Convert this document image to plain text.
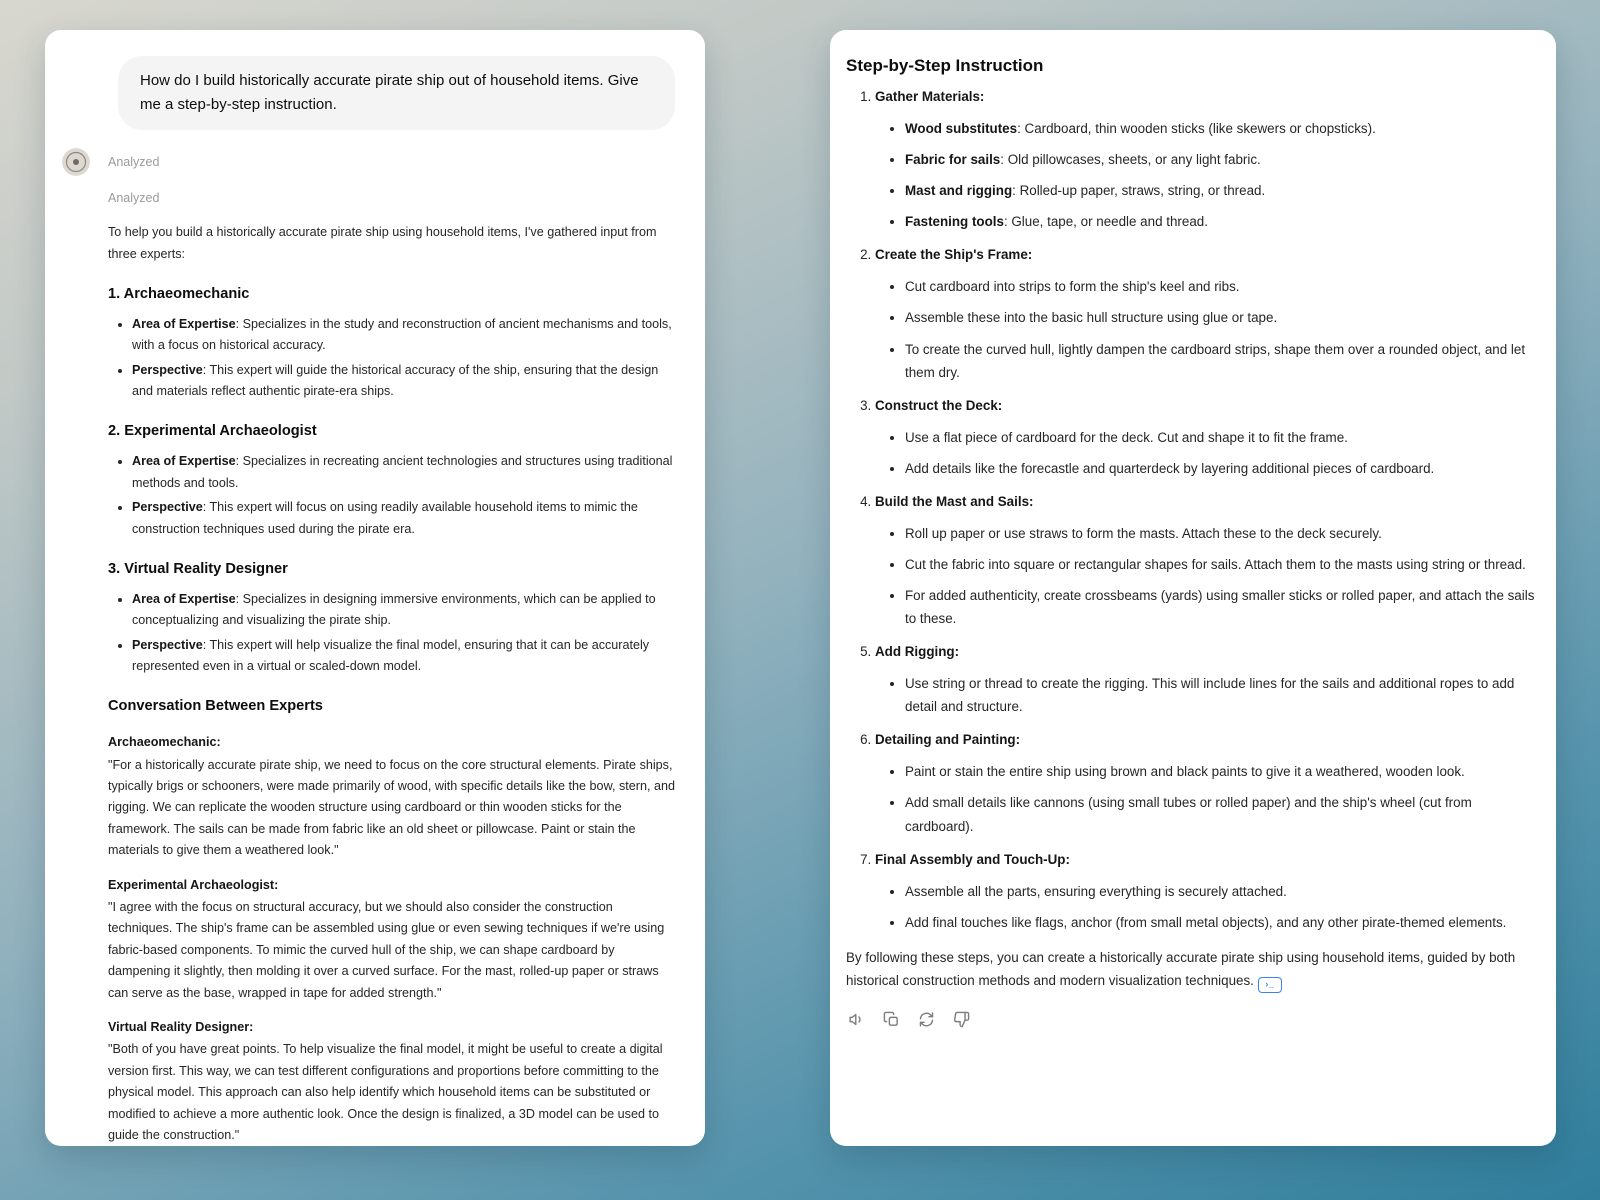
How do I build historically accurate pirate ship out of household items. Give me a step-by-step instruction.

Analyzed
Analyzed

To help you build a historically accurate pirate ship using household items, I've gathered input from three experts:

1. Archaeomechanic
• Area of Expertise: Specializes in the study and reconstruction of ancient mechanisms and tools, with a focus on historical accuracy.
• Perspective: This expert will guide the historical accuracy of the ship, ensuring that the design and materials reflect authentic pirate-era ships.
2. Experimental Archaeologist
• Area of Expertise: Specializes in recreating ancient technologies and structures using traditional methods and tools.
• Perspective: This expert will focus on using readily available household items to mimic the construction techniques used during the pirate era.
3. Virtual Reality Designer
• Area of Expertise: Specializes in designing immersive environments, which can be applied to conceptualizing and visualizing the pirate ship.
• Perspective: This expert will help visualize the final model, ensuring that it can be accurately represented even in a virtual or scaled-down model.
Conversation Between Experts

Archaeomechanic:

"For a historically accurate pirate ship, we need to focus on the core structural elements. Pirate ships, typically brigs or schooners, were made primarily of wood, with specific details like the bow, stern, and rigging. We can replicate the wooden structure using cardboard or thin wooden sticks for the framework. The sails can be made from fabric like an old sheet or pillowcase. Paint or stain the materials to give them a weathered look."

Experimental Archaeologist:

"I agree with the focus on structural accuracy, but we should also consider the construction techniques. The ship's frame can be assembled using glue or even sewing techniques if we're using fabric-based components. To mimic the curved hull of the ship, we can shape cardboard by dampening it slightly, then molding it over a curved surface. For the mast, rolled-up paper or straws can serve as the base, wrapped in tape for added strength."

Virtual Reality Designer:

"Both of you have great points. To help visualize the final model, it might be useful to create a digital version first. This way, we can test different configurations and proportions before committing to the physical model. This approach can also help identify which household items can be substituted or modified to achieve a more authentic look. Once the design is finalized, a 3D model can be used to guide the construction."

Step-by-Step Instruction
1. Gather Materials:
• Wood substitutes: Cardboard, thin wooden sticks (like skewers or chopsticks).
• Fabric for sails: Old pillowcases, sheets, or any light fabric.
• Mast and rigging: Rolled-up paper, straws, string, or thread.
• Fastening tools: Glue, tape, or needle and thread.
2. Create the Ship's Frame:
• Cut cardboard into strips to form the ship's keel and ribs.
• Assemble these into the basic hull structure using glue or tape.
• To create the curved hull, lightly dampen the cardboard strips, shape them over a rounded object, and let them dry.
3. Construct the Deck:
• Use a flat piece of cardboard for the deck. Cut and shape it to fit the frame.
• Add details like the forecastle and quarterdeck by layering additional pieces of cardboard.
4. Build the Mast and Sails:
• Roll up paper or use straws to form the masts. Attach these to the deck securely.
• Cut the fabric into square or rectangular shapes for sails. Attach them to the masts using string or thread.
• For added authenticity, create crossbeams (yards) using smaller sticks or rolled paper, and attach the sails to these.
5. Add Rigging:
• Use string or thread to create the rigging. This will include lines for the sails and additional ropes to add detail and structure.
6. Detailing and Painting:
• Paint or stain the entire ship using brown and black paints to give it a weathered, wooden look.
• Add small details like cannons (using small tubes or rolled paper) and the ship's wheel (cut from cardboard).
7. Final Assembly and Touch-Up:
• Assemble all the parts, ensuring everything is securely attached.
• Add final touches like flags, anchor (from small metal objects), and any other pirate-themed elements.

By following these steps, you can create a historically accurate pirate ship using household items, guided by both historical construction methods and modern visualization techniques. ›_
